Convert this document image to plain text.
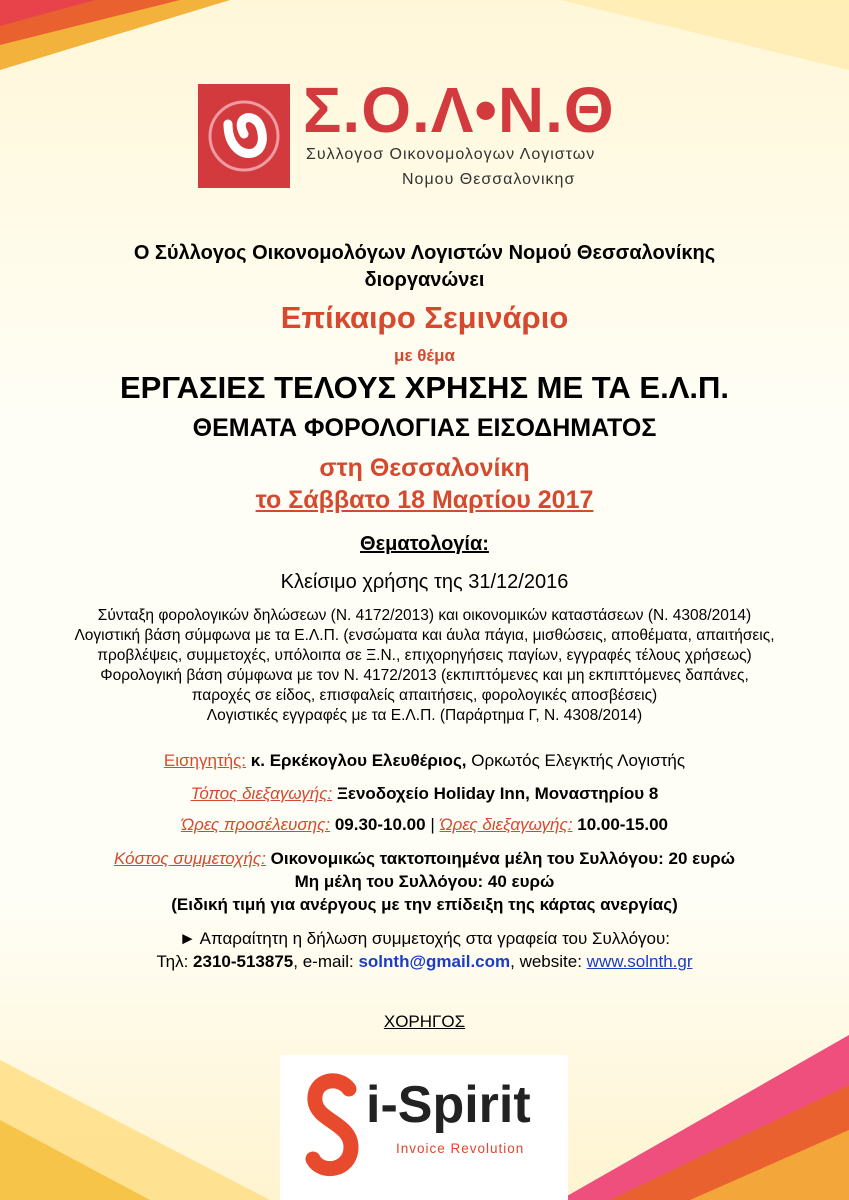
Σ.Ο.Λ•Ν.Θ
Συλλογοσ Οικονομολογων Λογιστων
Νομου Θεσσαλονικησ
Ο Σύλλογος Οικονομολόγων Λογιστών Νομού Θεσσαλονίκης
διοργανώνει
Επίκαιρο Σεμινάριο
με θέμα
ΕΡΓΑΣΙΕΣ ΤΕΛΟΥΣ ΧΡΗΣΗΣ ΜΕ ΤΑ Ε.Λ.Π.
ΘΕΜΑΤΑ ΦΟΡΟΛΟΓΙΑΣ ΕΙΣΟΔΗΜΑΤΟΣ
στη Θεσσαλονίκη
το Σάββατο 18 Μαρτίου 2017
Θεματολογία:
Κλείσιμο χρήσης της 31/12/2016
Σύνταξη φορολογικών δηλώσεων (Ν. 4172/2013) και οικονομικών καταστάσεων (Ν. 4308/2014)
Λογιστική βάση σύμφωνα με τα Ε.Λ.Π. (ενσώματα και άυλα πάγια, μισθώσεις, αποθέματα, απαιτήσεις,
προβλέψεις, συμμετοχές, υπόλοιπα σε Ξ.Ν., επιχορηγήσεις παγίων, εγγραφές τέλους χρήσεως)
Φορολογική βάση σύμφωνα με τον Ν. 4172/2013 (εκπιπτόμενες και μη εκπιπτόμενες δαπάνες,
παροχές σε είδος, επισφαλείς απαιτήσεις, φορολογικές αποσβέσεις)
Λογιστικές εγγραφές με τα Ε.Λ.Π. (Παράρτημα Γ, Ν. 4308/2014)
Εισηγητής: κ. Ερκέκογλου Ελευθέριος, Ορκωτός Ελεγκτής Λογιστής
Τόπος διεξαγωγής: Ξενοδοχείο Holiday Inn, Μοναστηρίου 8
Ώρες προσέλευσης: 09.30-10.00 | Ώρες διεξαγωγής: 10.00-15.00
Κόστος συμμετοχής: Οικονομικώς τακτοποιημένα μέλη του Συλλόγου: 20 ευρώ
Μη μέλη του Συλλόγου: 40 ευρώ
(Ειδική τιμή για ανέργους με την επίδειξη της κάρτας ανεργίας)
► Απαραίτητη η δήλωση συμμετοχής στα γραφεία του Συλλόγου:
Τηλ: 2310-513875, e-mail: solnth@gmail.com, website: www.solnth.gr
ΧΟΡΗΓΟΣ
i-Spirit
Invoice Revolution
